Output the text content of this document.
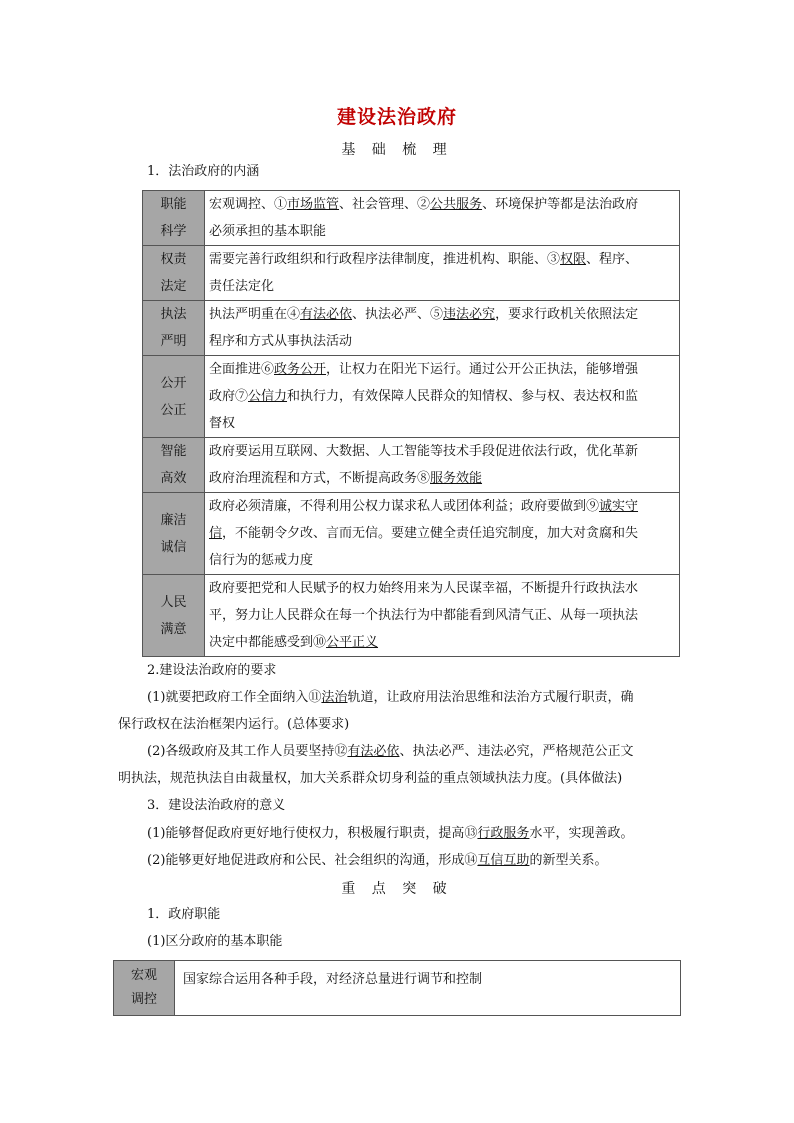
建设法治政府
基 础 梳 理
1．法治政府的内涵
职能
科学	宏观调控、①市场监管、社会管理、②公共服务、环境保护等都是法治政府
必须承担的基本职能

权责
法定	需要完善行政组织和行政程序法律制度，推进机构、职能、③权限、程序、
责任法定化

执法
严明	执法严明重在④有法必依、执法必严、⑤违法必究，要求行政机关依照法定
程序和方式从事执法活动

公开
公正	全面推进⑥政务公开，让权力在阳光下运行。通过公开公正执法，能够增强
政府⑦公信力和执行力，有效保障人民群众的知情权、参与权、表达权和监
督权

智能
高效	政府要运用互联网、大数据、人工智能等技术手段促进依法行政，优化革新
政府治理流程和方式，不断提高政务⑧服务效能

廉洁
诚信	政府必须清廉，不得利用公权力谋求私人或团体利益；政府要做到⑨诚实守
信，不能朝令夕改、言而无信。要建立健全责任追究制度，加大对贪腐和失
信行为的惩戒力度

人民
满意	政府要把党和人民赋予的权力始终用来为人民谋幸福，不断提升行政执法水
平，努力让人民群众在每一个执法行为中都能看到风清气正、从每一项执法
决定中都能感受到⑩公平正义
2.建设法治政府的要求
(1)就要把政府工作全面纳入⑪法治轨道，让政府用法治思维和法治方式履行职责，确
保行政权在法治框架内运行。(总体要求)
(2)各级政府及其工作人员要坚持⑫有法必依、执法必严、违法必究，严格规范公正文
明执法，规范执法自由裁量权，加大关系群众切身利益的重点领域执法力度。(具体做法)
3．建设法治政府的意义
(1)能够督促政府更好地行使权力，积极履行职责，提高⑬行政服务水平，实现善政。
(2)能够更好地促进政府和公民、社会组织的沟通，形成⑭互信互助的新型关系。
重 点 突 破
1．政府职能
(1)区分政府的基本职能
宏观
调控
	国家综合运用各种手段，对经济总量进行调节和控制
